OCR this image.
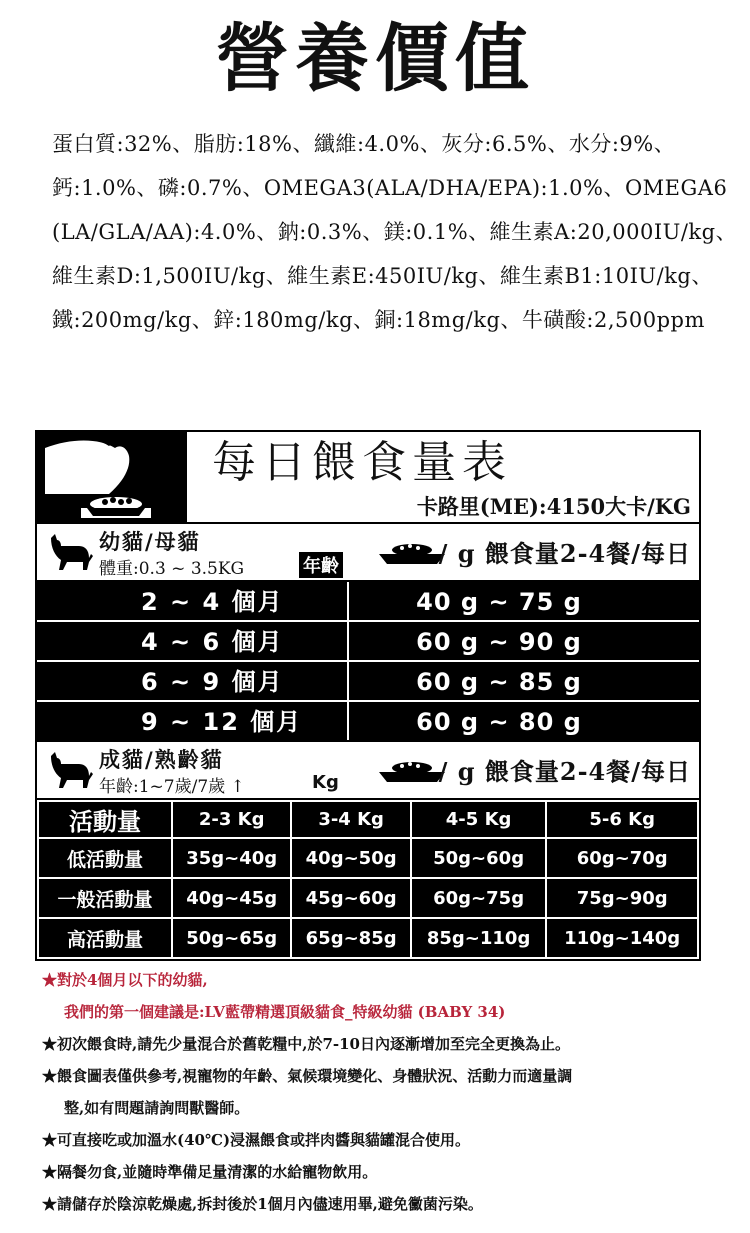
營養價值

蛋白質:32%、脂肪:18%、纖維:4.0%、灰分:6.5%、水分:9%、

鈣:1.0%、磷:0.7%、OMEGA3(ALA/DHA/EPA):1.0%、OMEGA6

(LA/GLA/AA):4.0%、鈉:0.3%、鎂:0.1%、維生素A:20,000IU/kg、

維生素D:1,500IU/kg、維生素E:450IU/kg、維生素B1:10IU/kg、

鐵:200mg/kg、鋅:180mg/kg、銅:18mg/kg、牛磺酸:2,500ppm

每日餵食量表
卡路里(ME):4150大卡/KG
幼貓/母貓
體重:0.3 ~ 3.5KG	年齡	/ g 餵食量2-4餐/每日
2 ~ 4 個月	40 g ~ 75 g
4 ~ 6 個月	60 g ~ 90 g
6 ~ 9 個月	60 g ~ 85 g
9 ~ 12 個月	60 g ~ 80 g
成貓/熟齡貓
年齡:1~7歲/7歲 ↑	Kg	/ g 餵食量2-4餐/每日
活動量	2-3 Kg	3-4 Kg	4-5 Kg	5-6 Kg
低活動量	35g~40g	40g~50g	50g~60g	60g~70g
一般活動量	40g~45g	45g~60g	60g~75g	75g~90g
高活動量	50g~65g	65g~85g	85g~110g	110g~140g

★對於4個月以下的幼貓,

我們的第一個建議是:LV藍帶精選頂級貓食_特級幼貓 (BABY 34)

★初次餵食時,請先少量混合於舊乾糧中,於7-10日內逐漸增加至完全更換為止。

★餵食圖表僅供參考,視寵物的年齡、氣候環境變化、身體狀況、活動力而適量調

整,如有問題請詢問獸醫師。

★可直接吃或加溫水(40℃)浸濕餵食或拌肉醬與貓罐混合使用。

★隔餐勿食,並隨時準備足量清潔的水給寵物飲用。

★請儲存於陰涼乾燥處,拆封後於1個月內儘速用畢,避免黴菌污染。
